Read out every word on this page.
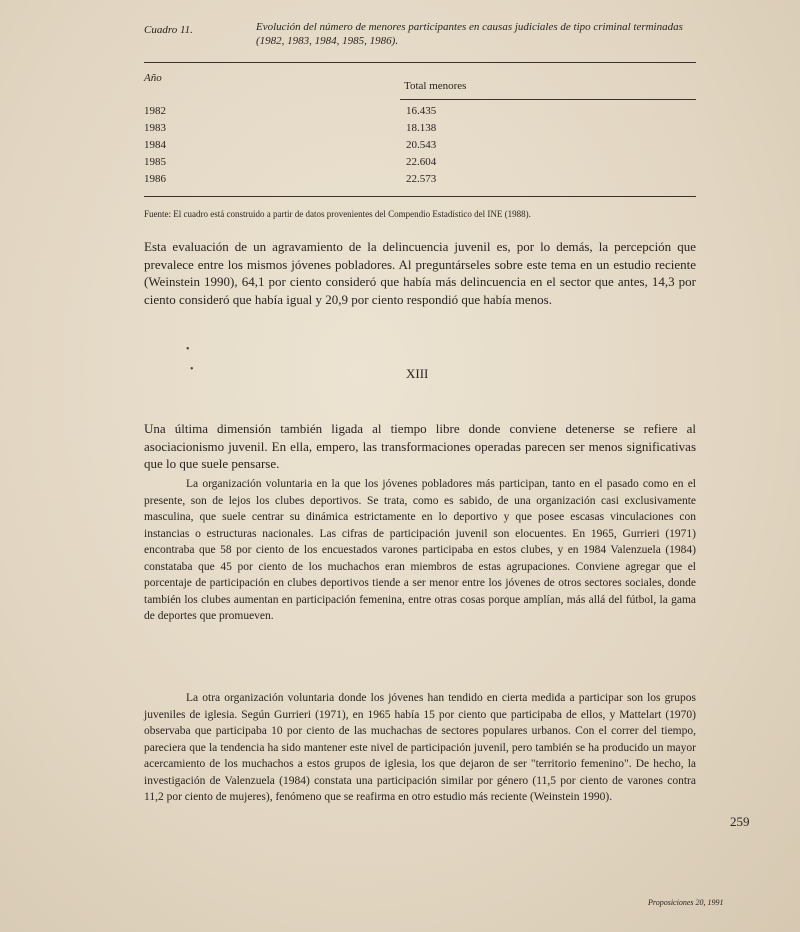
Cuadro 11.	Evolución del número de menores participantes en causas judiciales de tipo criminal terminadas (1982, 1983, 1984, 1985, 1986).
Año
Total menores
1982	16.435
1983	18.138
1984	20.543
1985	22.604
1986	22.573
Fuente: El cuadro está construido a partir de datos provenientes del Compendio Estadístico del INE (1988).

Esta evaluación de un agravamiento de la delincuencia juvenil es, por lo demás, la percepción que prevalece entre los mismos jóvenes pobladores. Al preguntárseles sobre este tema en un estudio reciente (Weinstein 1990), 64,1 por ciento consideró que había más delincuencia en el sector que antes, 14,3 por ciento consideró que había igual y 20,9 por ciento respondió que había menos.

•
•	XIII

Una última dimensión también ligada al tiempo libre donde conviene detenerse se refiere al asociacionismo juvenil. En ella, empero, las transformaciones operadas parecen ser menos significativas que lo que suele pensarse.

La organización voluntaria en la que los jóvenes pobladores más participan, tanto en el pasado como en el presente, son de lejos los clubes deportivos. Se trata, como es sabido, de una organización casi exclusivamente masculina, que suele centrar su dinámica estrictamente en lo deportivo y que posee escasas vinculaciones con instancias o estructuras nacionales. Las cifras de participación juvenil son elocuentes. En 1965, Gurrieri (1971) encontraba que 58 por ciento de los encuestados varones participaba en estos clubes, y en 1984 Valenzuela (1984) constataba que 45 por ciento de los muchachos eran miembros de estas agrupaciones. Conviene agregar que el porcentaje de participación en clubes deportivos tiende a ser menor entre los jóvenes de otros sectores sociales, donde también los clubes aumentan en participación femenina, entre otras cosas porque amplían, más allá del fútbol, la gama de deportes que promueven.

La otra organización voluntaria donde los jóvenes han tendido en cierta medida a participar son los grupos juveniles de iglesia. Según Gurrieri (1971), en 1965 había 15 por ciento que participaba de ellos, y Mattelart (1970) observaba que participaba 10 por ciento de las muchachas de sectores populares urbanos. Con el correr del tiempo, pareciera que la tendencia ha sido mantener este nivel de participación juvenil, pero también se ha producido un mayor acercamiento de los muchachos a estos grupos de iglesia, los que dejaron de ser "territorio femenino". De hecho, la investigación de Valenzuela (1984) constata una participación similar por género (11,5 por ciento de varones contra 11,2 por ciento de mujeres), fenómeno que se reafirma en otro estudio más reciente (Weinstein 1990).

259
Proposiciones 20, 1991
